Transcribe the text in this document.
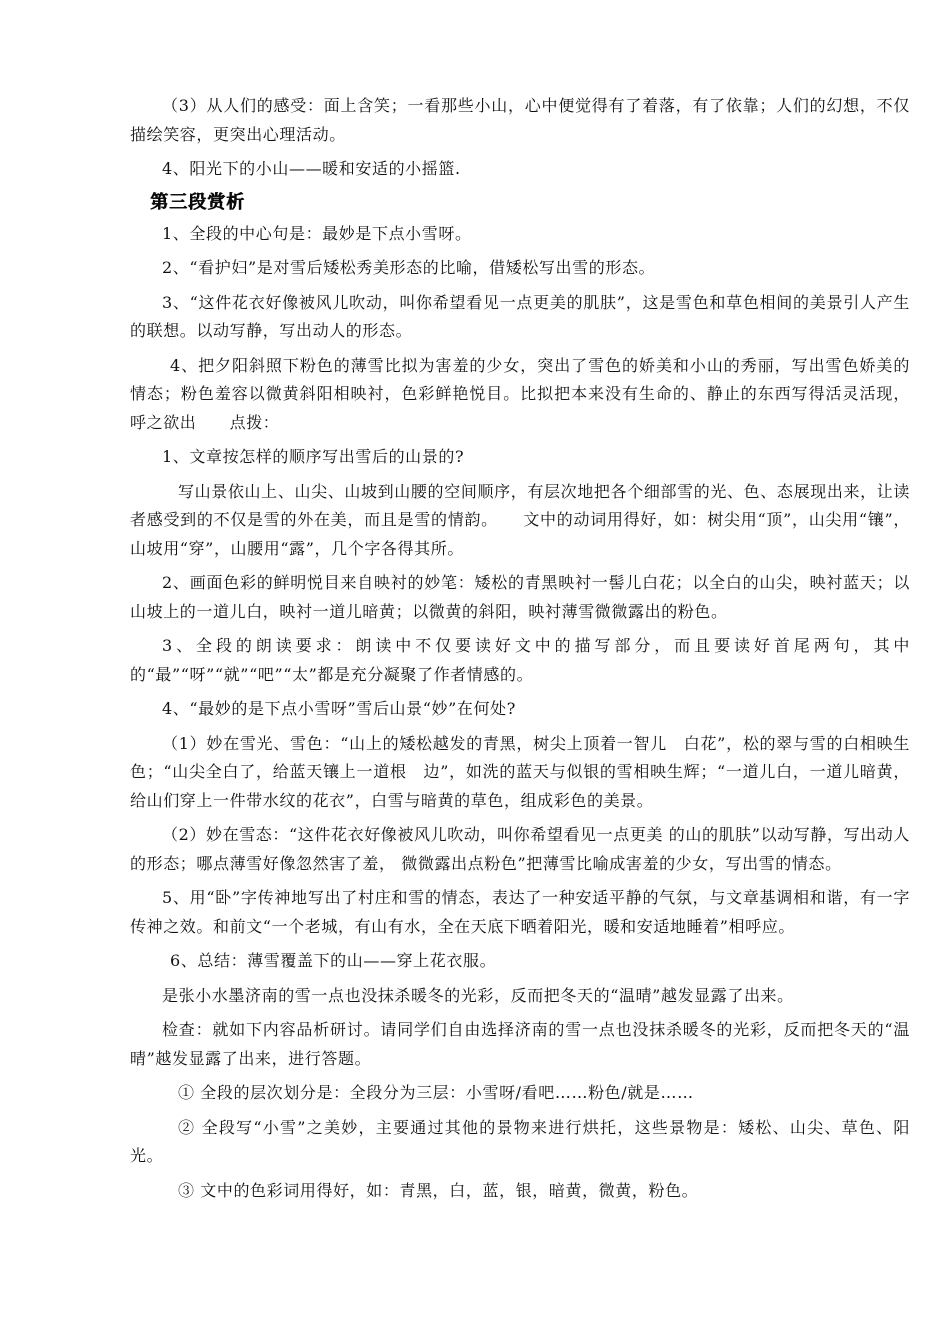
（3）从人们的感受：面上含笑；一看那些小山，心中便觉得有了着落，有了依靠；人们的幻想，不仅描绘笑容，更突出心理活动。

4、阳光下的小山——暖和安适的小摇篮.

第三段赏析

1、全段的中心句是：最妙是下点小雪呀。

2、“看护妇”是对雪后矮松秀美形态的比喻，借矮松写出雪的形态。

3、“这件花衣好像被风儿吹动，叫你希望看见一点更美的肌肤”，这是雪色和草色相间的美景引人产生的联想。以动写静，写出动人的形态。

4、把夕阳斜照下粉色的薄雪比拟为害羞的少女，突出了雪色的娇美和小山的秀丽，写出雪色娇美的情态；粉色羞容以微黄斜阳相映衬，色彩鲜艳悦目。比拟把本来没有生命的、静止的东西写得活灵活现，呼之欲出　　点拨：

1、文章按怎样的顺序写出雪后的山景的?

写山景依山上、山尖、山坡到山腰的空间顺序，有层次地把各个细部雪的光、色、态展现出来，让读者感受到的不仅是雪的外在美，而且是雪的情韵。　　文中的动词用得好，如：树尖用“顶”，山尖用“镶”，山坡用“穿”，山腰用“露”，几个字各得其所。

2、画面色彩的鲜明悦目来自映衬的妙笔：矮松的青黑映衬一髻儿白花；以全白的山尖，映衬蓝天；以山坡上的一道儿白，映衬一道儿暗黄；以微黄的斜阳，映衬薄雪微微露出的粉色。

3、全段的朗读要求：朗读中不仅要读好文中的描写部分，而且要读好首尾两句，其中的“最”“呀”“就”“吧”“太”都是充分凝聚了作者情感的。

4、“最妙的是下点小雪呀”雪后山景“妙”在何处?

（1）妙在雪光、雪色：“山上的矮松越发的青黑，树尖上顶着一智儿　白花”，松的翠与雪的白相映生色；“山尖全白了，给蓝天镶上一道根　边”，如洗的蓝天与似银的雪相映生辉；“一道儿白，一道儿暗黄，给山们穿上一件带水纹的花衣”，白雪与暗黄的草色，组成彩色的美景。

（2）妙在雪态：“这件花衣好像被风儿吹动，叫你希望看见一点更美 的山的肌肤”以动写静，写出动人的形态；哪点薄雪好像忽然害了羞， 微微露出点粉色”把薄雪比喻成害羞的少女，写出雪的情态。

5、用“卧”字传神地写出了村庄和雪的情态，表达了一种安适平静的气氛，与文章基调相和谐，有一字传神之效。和前文“一个老城，有山有水，全在天底下晒着阳光，暖和安适地睡着”相呼应。

6、总结：薄雪覆盖下的山——穿上花衣服。

是张小水墨济南的雪一点也没抹杀暖冬的光彩，反而把冬天的“温晴”越发显露了出来。

检查：就如下内容品析研讨。请同学们自由选择济南的雪一点也没抹杀暖冬的光彩，反而把冬天的“温晴”越发显露了出来，进行答题。

① 全段的层次划分是：全段分为三层：小雪呀/看吧……粉色/就是……

② 全段写“小雪”之美妙，主要通过其他的景物来进行烘托，这些景物是：矮松、山尖、草色、阳光。

③ 文中的色彩词用得好，如：青黑，白，蓝，银，暗黄，微黄，粉色。
